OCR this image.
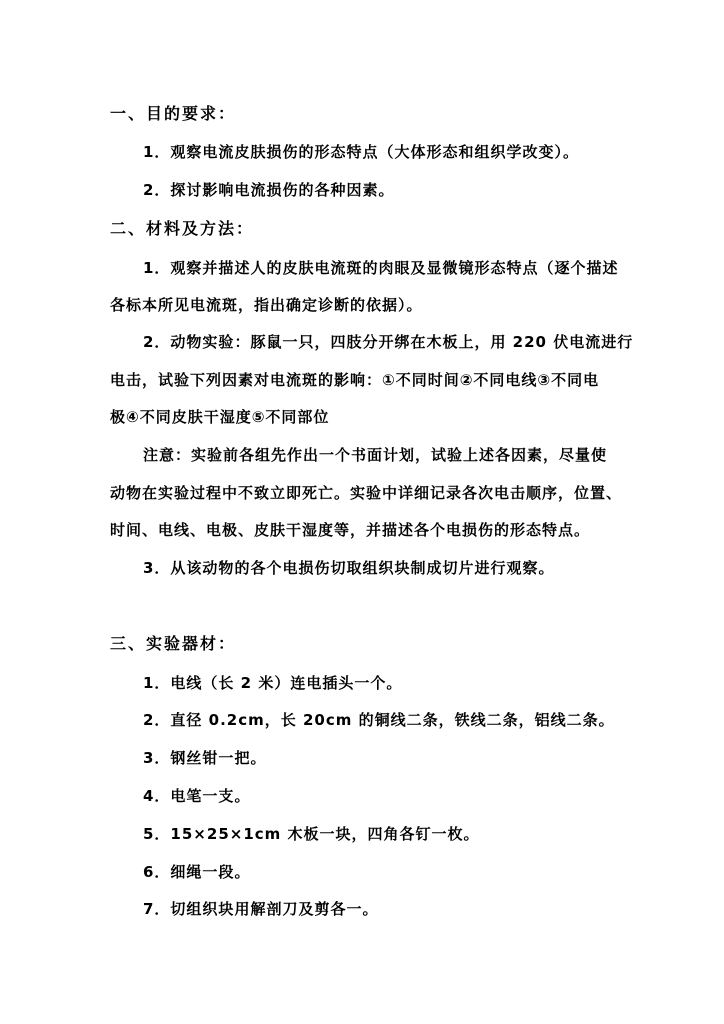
一、目的要求：
1．观察电流皮肤损伤的形态特点（大体形态和组织学改变）。
2．探讨影响电流损伤的各种因素。
二、材料及方法：
1．观察并描述人的皮肤电流斑的肉眼及显微镜形态特点（逐个描述
各标本所见电流斑，指出确定诊断的依据）。
2．动物实验：豚鼠一只，四肢分开绑在木板上，用 220 伏电流进行
电击，试验下列因素对电流斑的影响：①不同时间②不同电线③不同电
极④不同皮肤干湿度⑤不同部位
注意：实验前各组先作出一个书面计划，试验上述各因素，尽量使
动物在实验过程中不致立即死亡。实验中详细记录各次电击顺序，位置、
时间、电线、电极、皮肤干湿度等，并描述各个电损伤的形态特点。
3．从该动物的各个电损伤切取组织块制成切片进行观察。
三、实验器材：
1．电线（长 2 米）连电插头一个。
2．直径 0.2cm，长 20cm 的铜线二条，铁线二条，铝线二条。
3．钢丝钳一把。
4．电笔一支。
5．15×25×1cm 木板一块，四角各钉一枚。
6．细绳一段。
7．切组织块用解剖刀及剪各一。
